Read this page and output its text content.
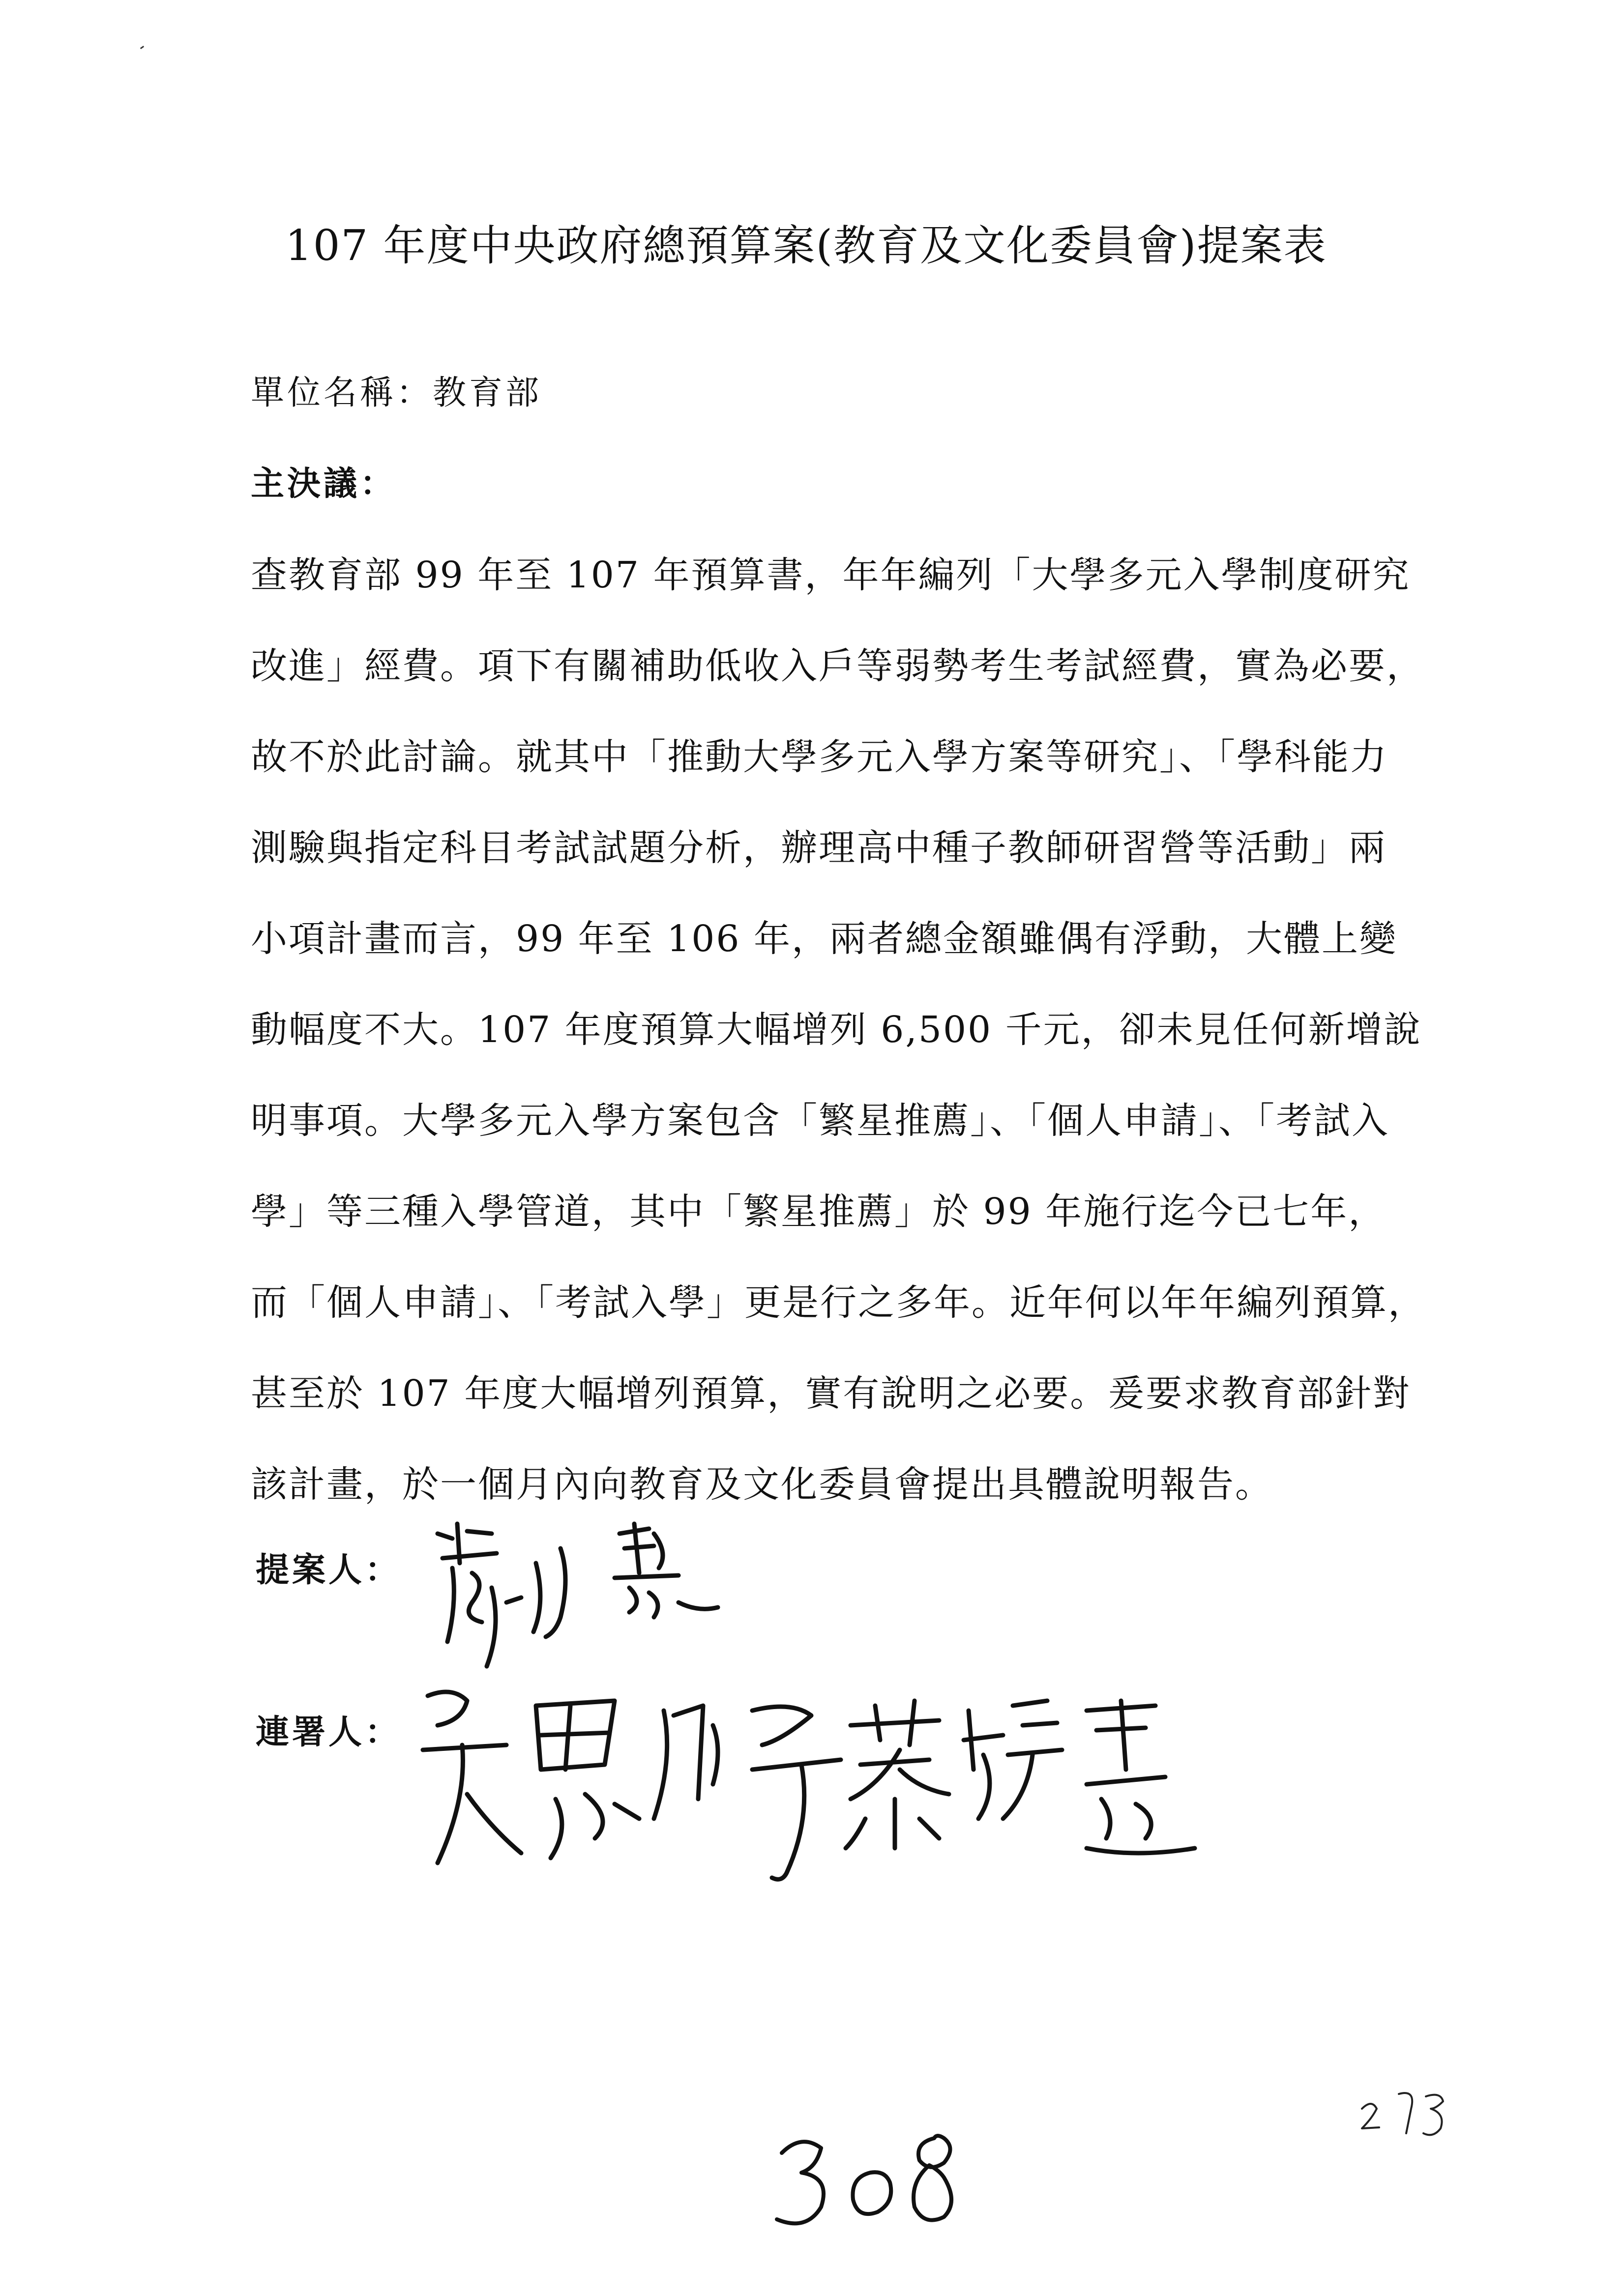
107 年度中央政府總預算案(教育及文化委員會)提案表
單位名稱：教育部
主決議：
查教育部 99 年至 107 年預算書，年年編列「大學多元入學制度研究
改進」經費。項下有關補助低收入戶等弱勢考生考試經費，實為必要，
故不於此討論。就其中「推動大學多元入學方案等研究」、「學科能力
測驗與指定科目考試試題分析，辦理高中種子教師研習營等活動」兩
小項計畫而言，99 年至 106 年，兩者總金額雖偶有浮動，大體上變
動幅度不大。107 年度預算大幅增列 6,500 千元，卻未見任何新增說
明事項。大學多元入學方案包含「繁星推薦」、「個人申請」、「考試入
學」等三種入學管道，其中「繁星推薦」於 99 年施行迄今已七年，
而「個人申請」、「考試入學」更是行之多年。近年何以年年編列預算，
甚至於 107 年度大幅增列預算，實有說明之必要。爰要求教育部針對
該計畫，於一個月內向教育及文化委員會提出具體說明報告。
提案人：
連署人：
